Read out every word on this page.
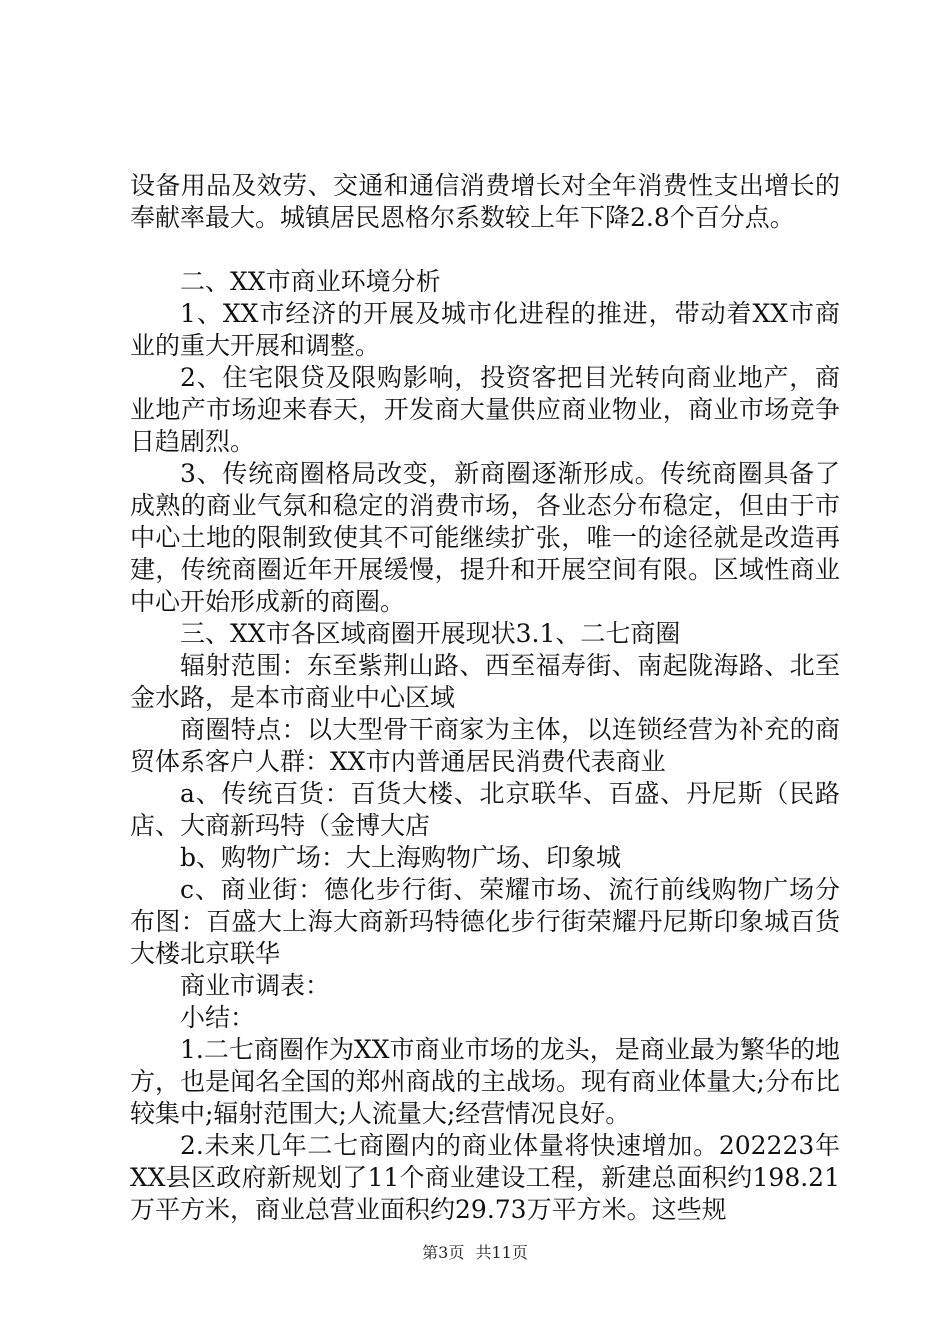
设备用品及效劳、交通和通信消费增长对全年消费性支出增长的奉献率最大。城镇居民恩格尔系数较上年下降2.8个百分点。

二、XX市商业环境分析

1、XX市经济的开展及城市化进程的推进，带动着XX市商业的重大开展和调整。

2、住宅限贷及限购影响，投资客把目光转向商业地产，商业地产市场迎来春天，开发商大量供应商业物业，商业市场竞争日趋剧烈。

3、传统商圈格局改变，新商圈逐渐形成。传统商圈具备了成熟的商业气氛和稳定的消费市场，各业态分布稳定，但由于市中心土地的限制致使其不可能继续扩张，唯一的途径就是改造再建，传统商圈近年开展缓慢，提升和开展空间有限。区域性商业中心开始形成新的商圈。

三、XX市各区域商圈开展现状3.1、二七商圈

辐射范围：东至紫荆山路、西至福寿街、南起陇海路、北至金水路，是本市商业中心区域

商圈特点：以大型骨干商家为主体，以连锁经营为补充的商贸体系客户人群：XX市内普通居民消费代表商业

a、传统百货：百货大楼、北京联华、百盛、丹尼斯（民路店、大商新玛特（金博大店

b、购物广场：大上海购物广场、印象城

c、商业街：德化步行街、荣耀市场、流行前线购物广场分布图：百盛大上海大商新玛特德化步行街荣耀丹尼斯印象城百货大楼北京联华

商业市调表：

小结：

1.二七商圈作为XX市商业市场的龙头，是商业最为繁华的地方，也是闻名全国的郑州商战的主战场。现有商业体量大;分布比较集中;辐射范围大;人流量大;经营情况良好。

2.未来几年二七商圈内的商业体量将快速增加。202223年XX县区政府新规划了11个商业建设工程，新建总面积约198.21万平方米，商业总营业面积约29.73万平方米。这些规

第3页 共11页
